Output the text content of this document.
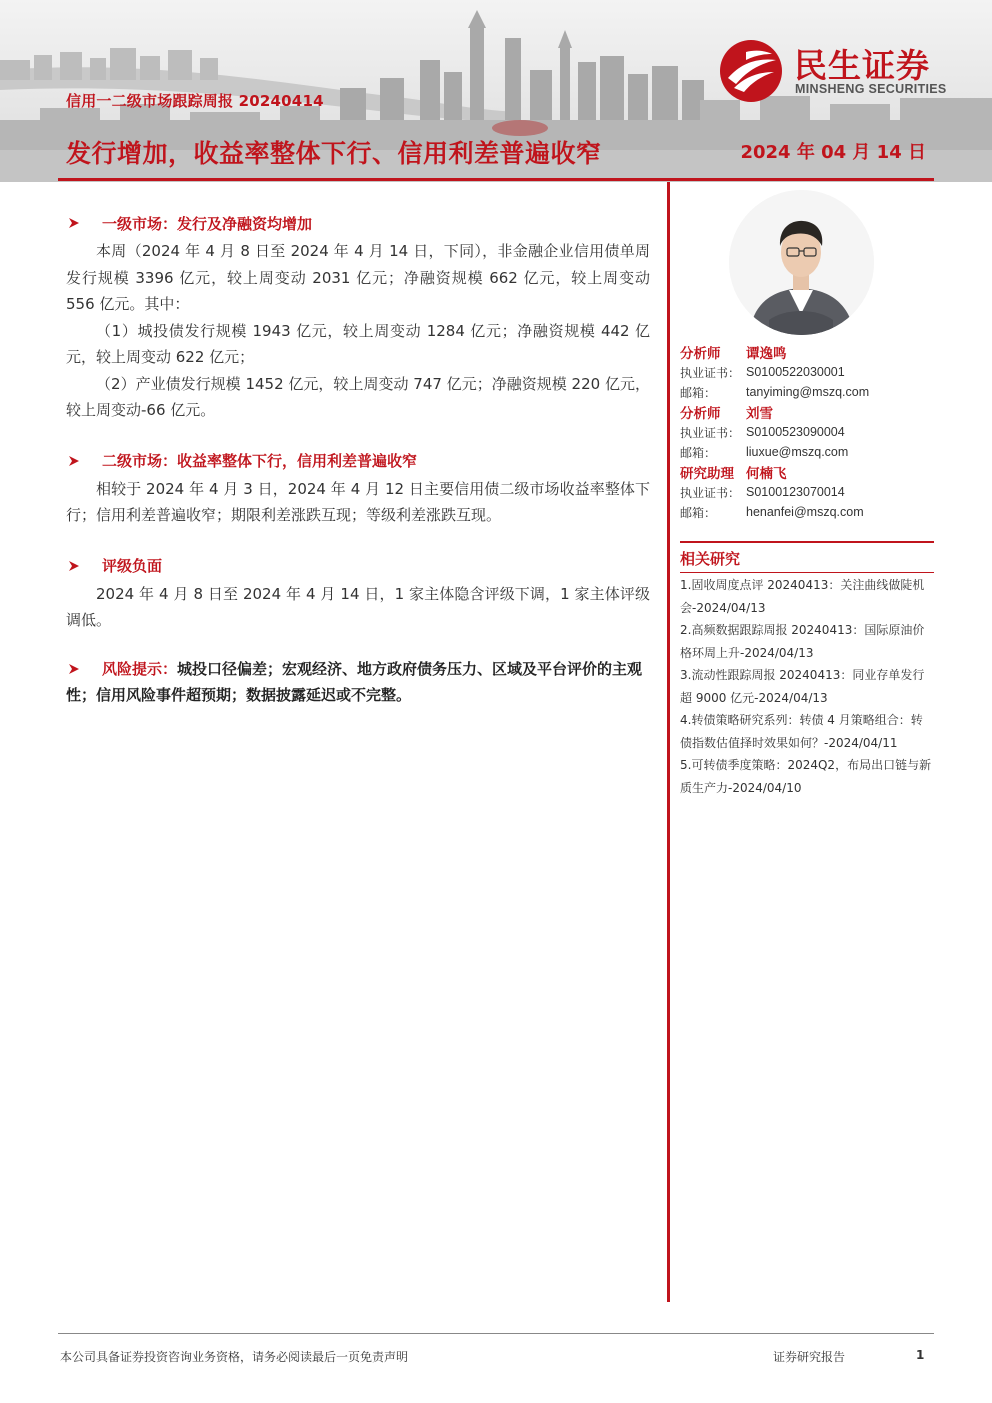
信用一二级市场跟踪周报 20240414
发行增加，收益率整体下行、信用利差普遍收窄	2024 年 04 月 14 日
民生证券
MINSHENG SECURITIES
一级市场：发行及净融资均增加

本周（2024 年 4 月 8 日至 2024 年 4 月 14 日，下同），非金融企业信用债单周发行规模 3396 亿元，较上周变动 2031 亿元；净融资规模 662 亿元，较上周变动 556 亿元。其中：

（1）城投债发行规模 1943 亿元，较上周变动 1284 亿元；净融资规模 442 亿元，较上周变动 622 亿元；

（2）产业债发行规模 1452 亿元，较上周变动 747 亿元；净融资规模 220 亿元，较上周变动-66 亿元。

二级市场：收益率整体下行，信用利差普遍收窄

相较于 2024 年 4 月 3 日，2024 年 4 月 12 日主要信用债二级市场收益率整体下行；信用利差普遍收窄；期限利差涨跌互现；等级利差涨跌互现。

评级负面

2024 年 4 月 8 日至 2024 年 4 月 14 日，1 家主体隐含评级下调，1 家主体评级调低。

风险提示：城投口径偏差；宏观经济、地方政府债务压力、区域及平台评价的主观性；信用风险事件超预期；数据披露延迟或不完整。
分析师	谭逸鸣
执业证书： S0100522030001
邮箱：	tanyiming@mszq.com
分析师	刘雪
执业证书： S0100523090004
邮箱：	liuxue@mszq.com
研究助理 何楠飞
执业证书： S0100123070014
邮箱：	henanfei@mszq.com
相关研究
1.固收周度点评 20240413：关注曲线做陡机会-2024/04/13
2.高频数据跟踪周报 20240413：国际原油价格环周上升-2024/04/13
3.流动性跟踪周报 20240413：同业存单发行超 9000 亿元-2024/04/13
4.转债策略研究系列：转债 4 月策略组合：转债指数估值择时效果如何？-2024/04/11
5.可转债季度策略：2024Q2，布局出口链与新质生产力-2024/04/10
本公司具备证券投资咨询业务资格，请务必阅读最后一页免责声明	证券研究报告	1
